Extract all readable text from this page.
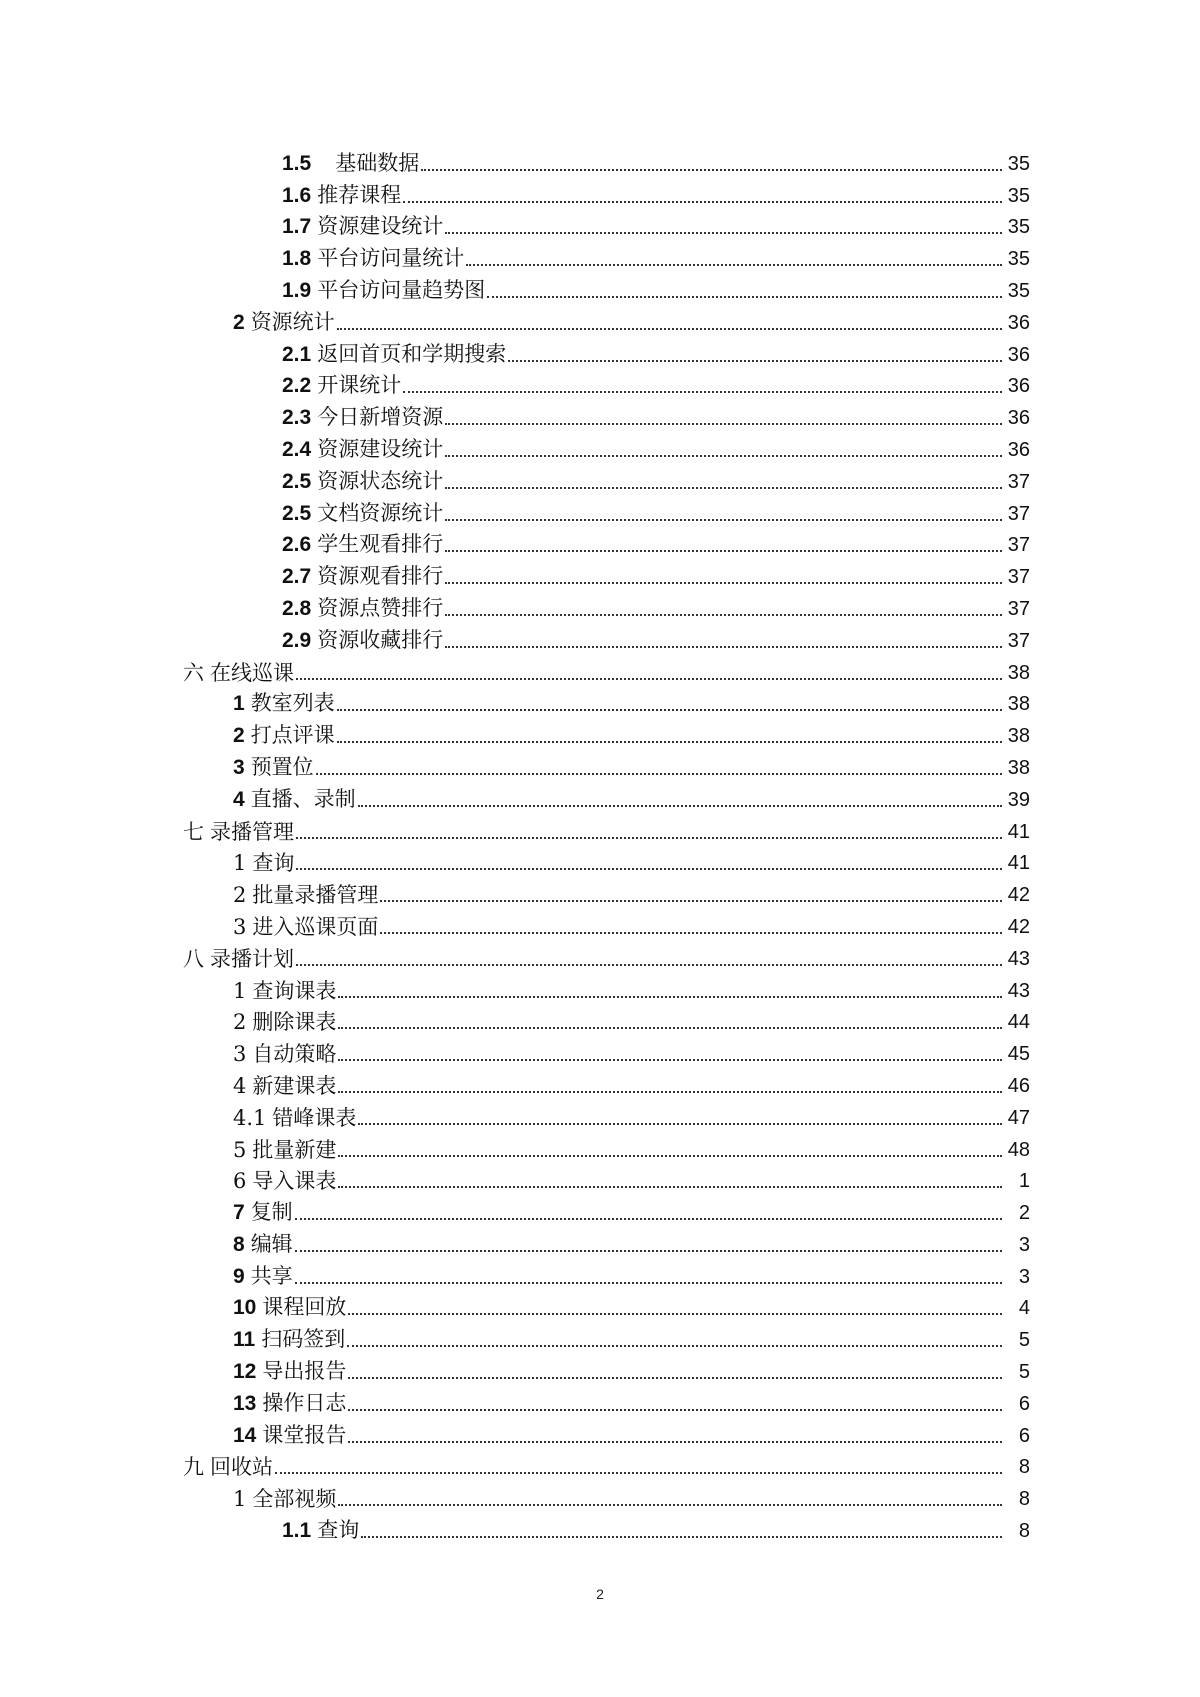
1.5 基础数据	35
1.6 推荐课程	35
1.7 资源建设统计	35
1.8 平台访问量统计	35
1.9 平台访问量趋势图	35
2 资源统计	36
2.1 返回首页和学期搜索	36
2.2 开课统计	36
2.3 今日新增资源	36
2.4 资源建设统计	36
2.5 资源状态统计	37
2.5 文档资源统计	37
2.6 学生观看排行	37
2.7 资源观看排行	37
2.8 资源点赞排行	37
2.9 资源收藏排行	37
六 在线巡课	38
1 教室列表	38
2 打点评课	38
3 预置位	38
4 直播、录制	39
七 录播管理	41
1 查询	41
2 批量录播管理	42
3 进入巡课页面	42
八 录播计划	43
1 查询课表	43
2 删除课表	44
3 自动策略	45
4 新建课表	46
4.1 错峰课表	47
5 批量新建	48
6 导入课表	1
7 复制	2
8 编辑	3
9 共享	3
10 课程回放	4
11 扫码签到	5
12 导出报告	5
13 操作日志	6
14 课堂报告	6
九 回收站	8
1 全部视频	8
1.1 查询	8
2
